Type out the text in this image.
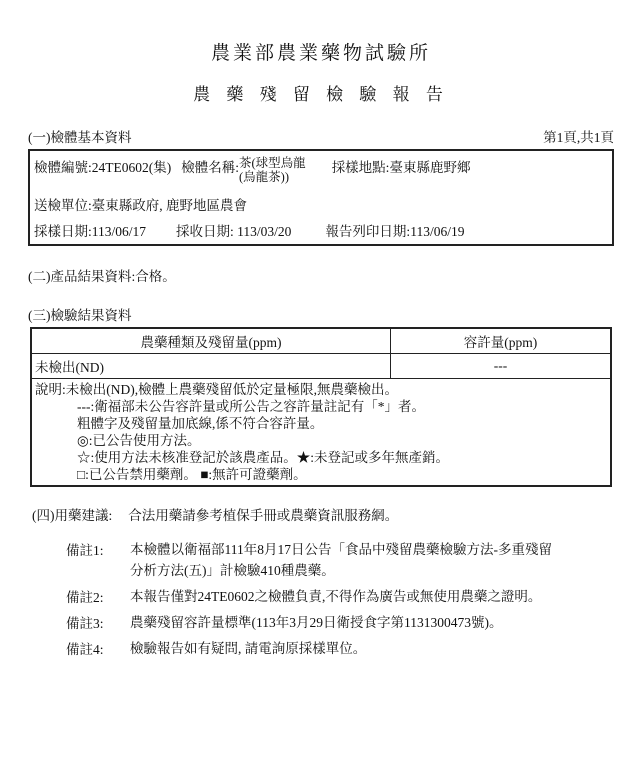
農業部農業藥物試驗所
農 藥 殘 留 檢 驗 報 告
(一)檢體基本資料	第1頁,共1頁
檢體編號:24TE0602(集) 檢體名稱: 茶(球型烏龍
(烏龍茶))
採樣地點:臺東縣鹿野鄉
送檢單位:臺東縣政府, 鹿野地區農會
採樣日期:113/06/17 採收日期: 113/03/20	報告列印日期:113/06/19
(二)產品結果資料:合格。
(三)檢驗結果資料
農藥種類及殘留量(ppm)	容許量(ppm)
未檢出(ND)	---

說明:未檢出(ND),檢體上農藥殘留低於定量極限,無農藥檢出。
---:衛福部未公告容許量或所公告之容許量註記有「*」者。
粗體字及殘留量加底線,係不符合容許量。
◎:已公告使用方法。
☆:使用方法未核准登記於該農產品。★:未登記或多年無產銷。
□:已公告禁用藥劑。 ■:無許可證藥劑。
(四)用藥建議: 合法用藥請參考植保手冊或農藥資訊服務網。
備註1:	本檢體以衛福部111年8月17日公告「食品中殘留農藥檢驗方法-多重殘留
分析方法(五)」計檢驗410種農藥。
備註2:	本報告僅對24TE0602之檢體負責,不得作為廣告或無使用農藥之證明。
備註3:	農藥殘留容許量標準(113年3月29日衛授食字第1131300473號)。
備註4:	檢驗報告如有疑問, 請電詢原採樣單位。
